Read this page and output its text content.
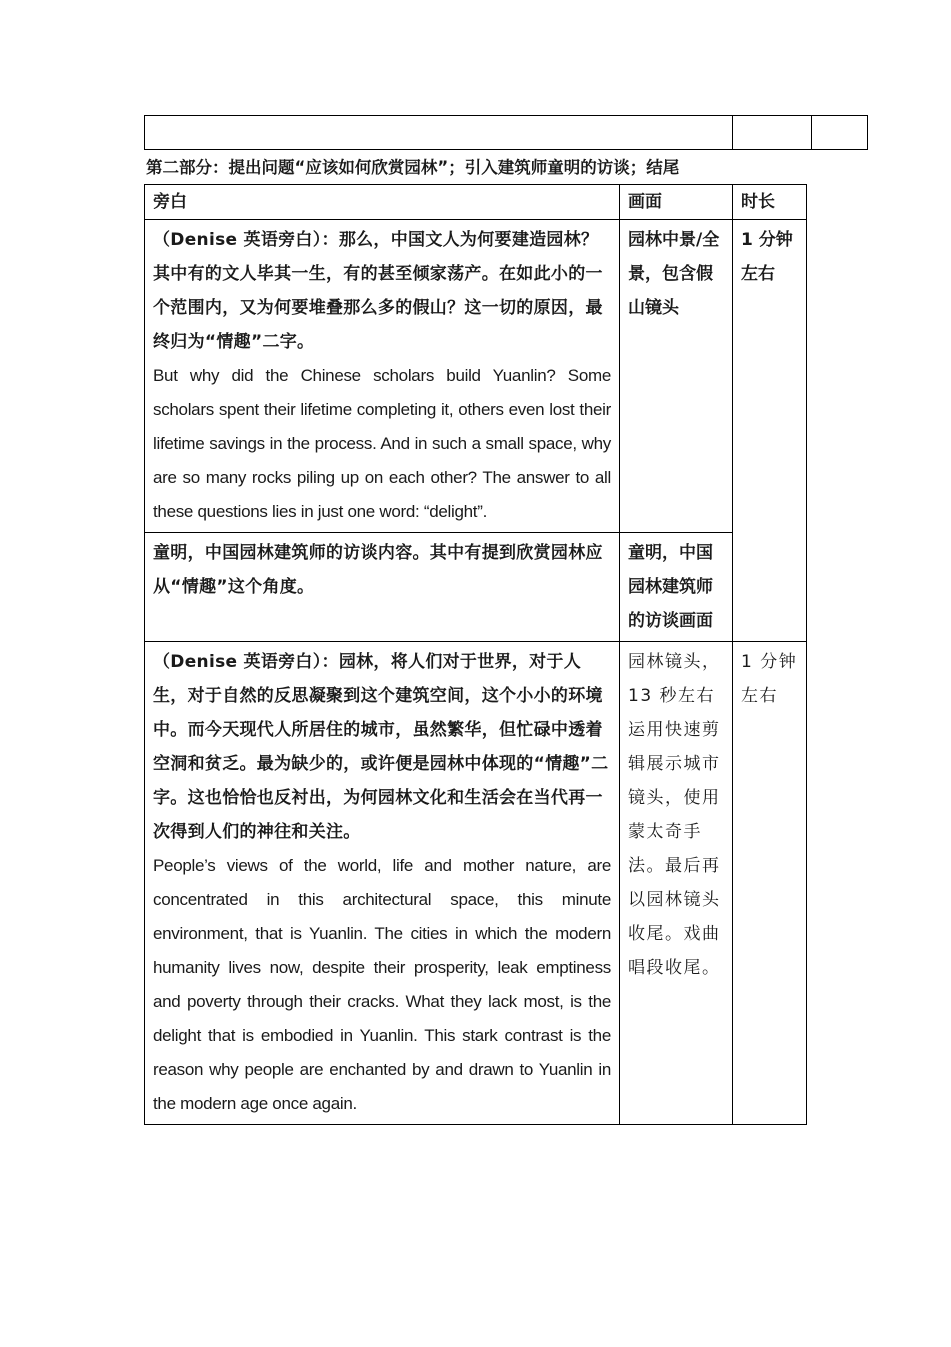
第二部分：提出问题“应该如何欣赏园林”；引入建筑师童明的访谈；结尾
旁白	画面	时长

（Denise 英语旁白）：那么，中国文人为何要建造园林？其中有的文人毕其一生，有的甚至倾家荡产。在如此小的一个范围内，又为何要堆叠那么多的假山？这一切的原因，最终归为“情趣”二字。
But why did the Chinese scholars build Yuanlin? Some scholars spent their lifetime completing it, others even lost their lifetime savings in the process. And in such a small space, why are so many rocks piling up on each other? The answer to all these questions lies in just one word: “delight”.	园林中景/全景，包含假山镜头	1 分钟左右

童明，中国园林建筑师的访谈内容。其中有提到欣赏园林应从“情趣”这个角度。	童明，中国园林建筑师的访谈画面	

（Denise 英语旁白）：园林，将人们对于世界，对于人生，对于自然的反思凝聚到这个建筑空间，这个小小的环境中。而今天现代人所居住的城市，虽然繁华，但忙碌中透着空洞和贫乏。最为缺少的，或许便是园林中体现的“情趣”二字。这也恰恰也反衬出，为何园林文化和生活会在当代再一次得到人们的神往和关注。
People’s views of the world, life and mother nature, are concentrated in this architectural space, this minute environment, that is Yuanlin. The cities in which the modern humanity lives now, despite their prosperity, leak emptiness and poverty through their cracks. What they lack most, is the delight that is embodied in Yuanlin. This stark contrast is the reason why people are enchanted by and drawn to Yuanlin in the modern age once again.	园林镜头，13 秒左右运用快速剪辑展示城市镜头，使用蒙太奇手法。最后再以园林镜头收尾。戏曲唱段收尾。	1 分钟左右
